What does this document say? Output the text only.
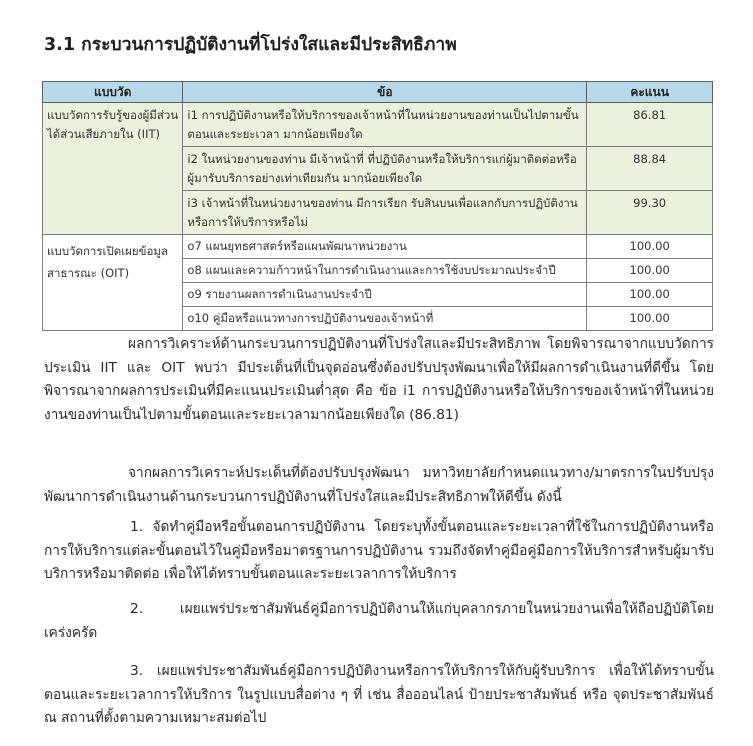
3.1 กระบวนการปฏิบัติงานที่โปร่งใสและมีประสิทธิภาพ
แบบวัด	ข้อ	คะแนน
แบบวัดการรับรู้ของผู้มีส่วนได้ส่วนเสียภายใน (IIT)	i1 การปฏิบัติงานหรือให้บริการของเจ้าหน้าที่ในหน่วยงานของท่านเป็นไปตามขั้นตอนและระยะเวลา มากน้อยเพียงใด	86.81
	i2 ในหน่วยงานของท่าน มีเจ้าหน้าที่ ที่ปฏิบัติงานหรือให้บริการแก่ผู้มาติดต่อหรือผู้มารับบริการอย่างเท่าเทียมกัน มากน้อยเพียงใด	88.84
	i3 เจ้าหน้าที่ในหน่วยงานของท่าน มีการเรียก รับสินบนเพื่อแลกกับการปฏิบัติงานหรือการให้บริการหรือไม่	99.30
แบบวัดการเปิดเผยข้อมูลสาธารณะ (OIT)	o7 แผนยุทธศาสตร์หรือแผนพัฒนาหน่วยงาน	100.00
	o8 แผนและความก้าวหน้าในการดำเนินงานและการใช้งบประมาณประจำปี	100.00
	o9 รายงานผลการดำเนินงานประจำปี	100.00
	o10 คู่มือหรือแนวทางการปฏิบัติงานของเจ้าหน้าที่	100.00

ผลการวิเคราะห์ด้านกระบวนการปฏิบัติงานที่โปร่งใสและมีประสิทธิภาพ โดยพิจารณาจากแบบวัดการประเมิน IIT และ OIT พบว่า มีประเด็นที่เป็นจุดอ่อนซึ่งต้องปรับปรุงพัฒนาเพื่อให้มีผลการดำเนินงานที่ดีขึ้น โดยพิจารณาจากผลการประเมินที่มีคะแนนประเมินต่ำสุด คือ ข้อ i1 การปฏิบัติงานหรือให้บริการของเจ้าหน้าที่ในหน่วยงานของท่านเป็นไปตามขั้นตอนและระยะเวลามากน้อยเพียงใด (86.81)

จากผลการวิเคราะห์ประเด็นที่ต้องปรับปรุงพัฒนา มหาวิทยาลัยกำหนดแนวทาง/มาตรการในปรับปรุงพัฒนาการดำเนินงานด้านกระบวนการปฏิบัติงานที่โปร่งใสและมีประสิทธิภาพให้ดีขึ้น ดังนี้

1. จัดทำคู่มือหรือขั้นตอนการปฏิบัติงาน โดยระบุทั้งขั้นตอนและระยะเวลาที่ใช้ในการปฏิบัติงานหรือการให้บริการแต่ละขั้นตอนไว้ในคู่มือหรือมาตรฐานการปฏิบัติงาน รวมถึงจัดทำคู่มือคู่มือการให้บริการสำหรับผู้มารับบริการหรือมาติดต่อ เพื่อให้ได้ทราบขั้นตอนและระยะเวลาการให้บริการ

2. เผยแพร่ประชาสัมพันธ์คู่มือการปฏิบัติงานให้แก่บุคลากรภายในหน่วยงานเพื่อให้ถือปฏิบัติโดยเคร่งครัด

3. เผยแพร่ประชาสัมพันธ์คู่มือการปฏิบัติงานหรือการให้บริการให้กับผู้รับบริการ เพื่อให้ได้ทราบขั้นตอนและระยะเวลาการให้บริการ ในรูปแบบสื่อต่าง ๆ ที่ เช่น สื่อออนไลน์ ป้ายประชาสัมพันธ์ หรือ จุดประชาสัมพันธ์ ณ สถานที่ตั้งตามความเหมาะสมต่อไป
